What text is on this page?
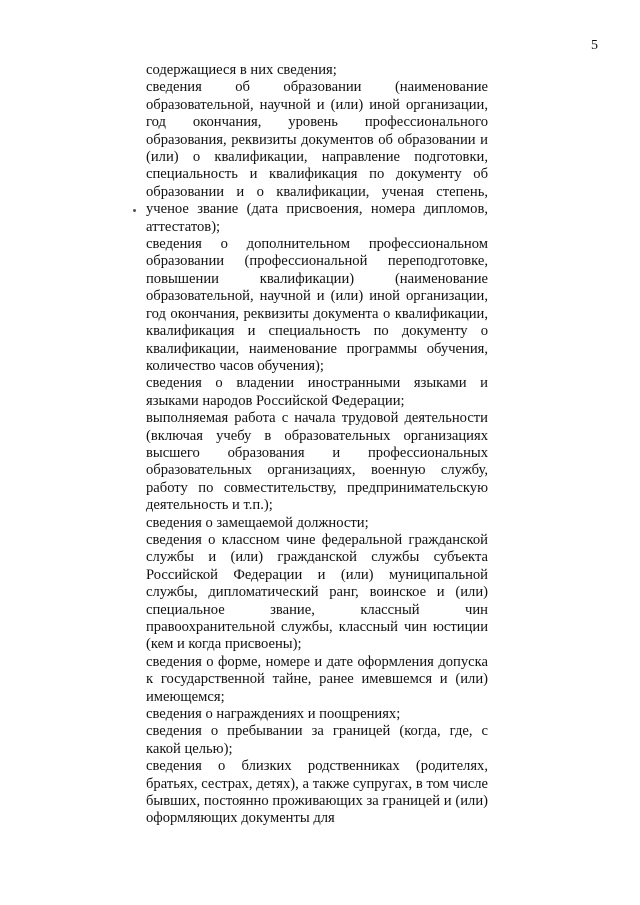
5

содержащиеся в них сведения;

сведения об образовании (наименование образовательной, научной и (или) иной организации, год окончания, уровень профессионального образования, реквизиты документов об образовании и (или) о квалификации, направление подготовки, специальность и квалификация по документу об образовании и о квалификации, ученая степень, ученое звание (дата присвоения, номера дипломов, аттестатов);

сведения о дополнительном профессиональном образовании (профессиональной переподготовке, повышении квалификации) (наименование образовательной, научной и (или) иной организации, год окончания, реквизиты документа о квалификации, квалификация и специальность по документу о квалификации, наименование программы обучения, количество часов обучения);

сведения о владении иностранными языками и языками народов Российской Федерации;

выполняемая работа с начала трудовой деятельности (включая учебу в образовательных организациях высшего образования и профессиональных образовательных организациях, военную службу, работу по совместительству, предпринимательскую деятельность и т.п.);

сведения о замещаемой должности;

сведения о классном чине федеральной гражданской службы и (или) гражданской службы субъекта Российской Федерации и (или) муниципальной службы, дипломатический ранг, воинское и (или) специальное звание, классный чин правоохранительной службы, классный чин юстиции (кем и когда присвоены);

сведения о форме, номере и дате оформления допуска к государственной тайне, ранее имевшемся и (или) имеющемся;

сведения о награждениях и поощрениях;

сведения о пребывании за границей (когда, где, с какой целью);

сведения о близких родственниках (родителях, братьях, сестрах, детях), а также супругах, в том числе бывших, постоянно проживающих за границей и (или) оформляющих документы для
